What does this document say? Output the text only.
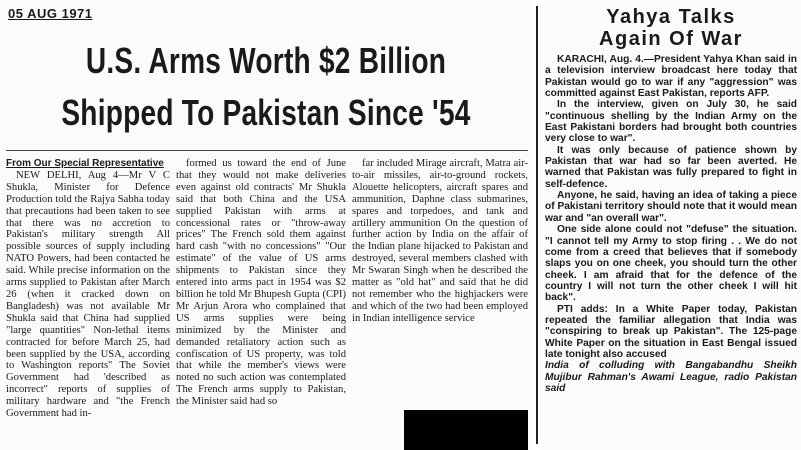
05 AUG 1971
U.S. Arms Worth $2 Billion
Shipped To Pakistan Since '54

From Our Special Representative

NEW DELHI, Aug 4—Mr V C Shukla, Minister for Defence Production told the Rajya Sabha today that precautions had been taken to see that there was no accretion to Pakistan's military strength All possible sources of supply including NATO Powers, had been contacted he said. While precise information on the arms supplied to Pakistan after March 26 (when it cracked down on Bangladesh) was not available Mr Shukla said that China had supplied "large quantities" Non-lethal items contracted for before March 25, had been supplied by the USA, according to Washington reports" The Soviet Government had 'described as incorrect" reports of supplies of military hardware and "the French Government had in-

formed us toward the end of June that they would not make deliveries even against old contracts' Mr Shukla said that both China and the USA supplied Pakistan with arms at concessional rates or "throw-away prices" The French sold them against hard cash "with no concessions" "Our estimate" of the value of US arms shipments to Pakistan since they entered into arms pact in 1954 was $2 billion he told Mr Bhupesh Gupta (CPI) Mr Arjun Arora who complained that US arms supplies were being minimized by the Minister and demanded retaliatory action such as confiscation of US property, was told that while the member's views were noted no such action was contemplated The French arms supply to Pakistan, the Minister said had so

far included Mirage aircraft, Matra air-to-air missiles, air-to-ground rockets, Alouette helicopters, aircraft spares and ammunition, Daphne class submarines, spares and torpedoes, and tank and artillery ammunition On the question of further action by India on the affair of the Indian plane hijacked to Pakistan and destroyed, several members clashed with Mr Swaran Singh when he described the matter as "old hat" and said that he did not remember who the highjackers were and which of the two had been employed in Indian intelligence service

Yahya Talks
Again Of War

KARACHI, Aug. 4.—President Yahya Khan said in a television interview broadcast here today that Pakistan would go to war if any "aggression" was committed against East Pakistan, reports AFP.

In the interview, given on July 30, he said "continuous shelling by the Indian Army on the East Pakistani borders had brought both countries very close to war".

It was only because of patience shown by Pakistan that war had so far been averted. He warned that Pakistan was fully prepared to fight in self-defence.

Anyone, he said, having an idea of taking a piece of Pakistani territory should note that it would mean war and "an overall war".

One side alone could not "defuse" the situation. "I cannot tell my Army to stop firing . . We do not come from a creed that believes that if somebody slaps you on one cheek, you should turn the other cheek. I am afraid that for the defence of the country I will not turn the other cheek I will hit back".

PTI adds: In a White Paper today, Pakistan repeated the familiar allegation that India was "conspiring to break up Pakistan". The 125-page White Paper on the situation in East Bengal issued late tonight also accused

India of colluding with Bangabandhu Sheikh Mujibur Rahman's Awami League, radio Pakistan said
